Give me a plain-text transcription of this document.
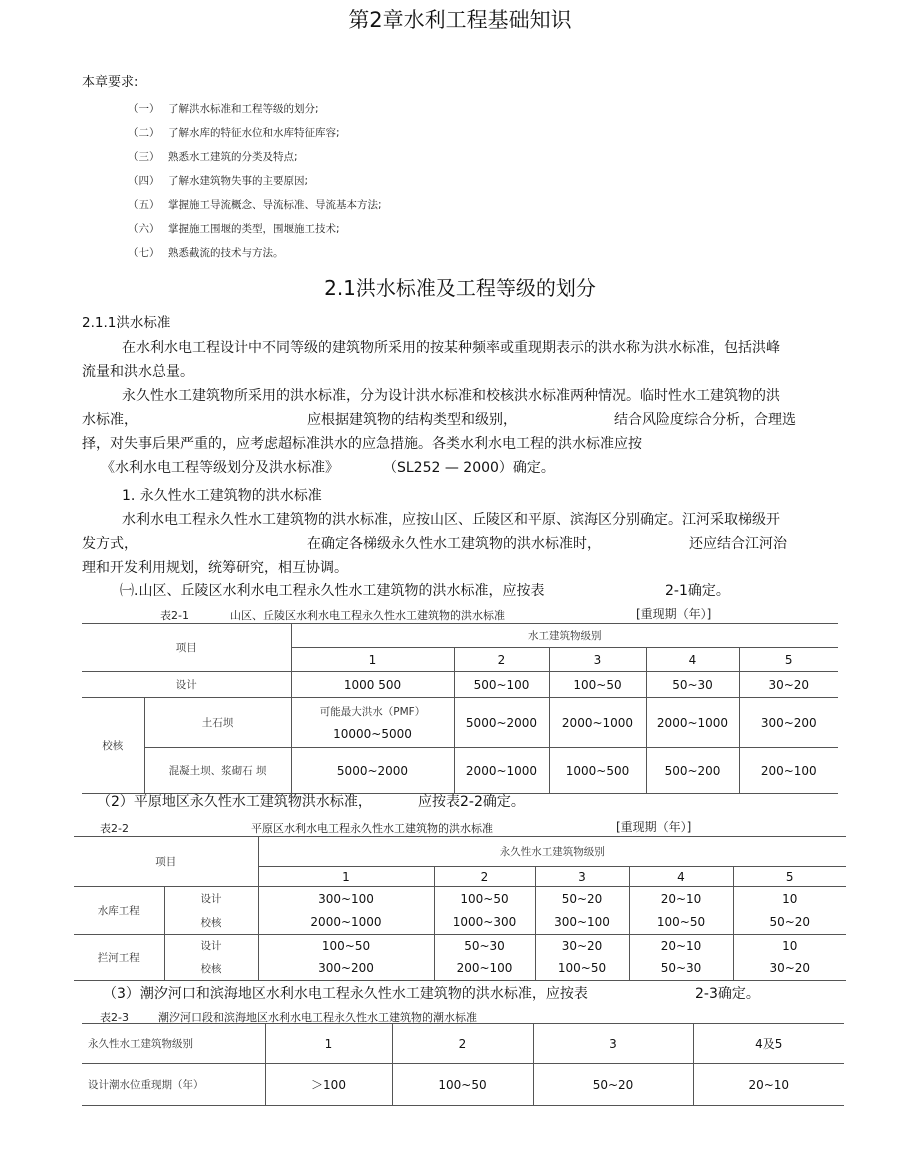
第2章水利工程基础知识
本章要求:
（一） 了解洪水标准和工程等级的划分;
（二） 了解水库的特征水位和水库特征库容;
（三） 熟悉水工建筑的分类及特点;
（四） 了解水建筑物失事的主要原因;
（五） 掌握施工导流概念、导流标准、导流基本方法;
（六） 掌握施工围堰的类型，围堰施工技术;
（七） 熟悉截流的技术与方法。
2.1洪水标准及工程等级的划分
2.1.1洪水标准
在水利水电工程设计中不同等级的建筑物所采用的按某种频率或重现期表示的洪水称为洪水标准，包括洪峰
流量和洪水总量。
永久性水工建筑物所采用的洪水标准，分为设计洪水标准和校核洪水标准两种情况。临时性水工建筑物的洪
水标准，	应根据建筑物的结构类型和级别，	结合风险度综合分析，合理选
择，对失事后果严重的，应考虑超标准洪水的应急措施。各类水利水电工程的洪水标准应按
《水利水电工程等级划分及洪水标准》	（SL252 — 2000）确定。
1. 永久性水工建筑物的洪水标准
水利水电工程永久性水工建筑物的洪水标准，应按山区、丘陵区和平原、滨海区分别确定。江河采取梯级开
发方式，	在确定各梯级永久性水工建筑物的洪水标准时，	还应结合江河治
理和开发利用规划，统筹研究，相互协调。
㈠.山区、丘陵区水利水电工程永久性水工建筑物的洪水标准，应按表	2-1确定。
表2-1	山区、丘陵区水利水电工程永久性水工建筑物的洪水标准	[重现期（年）]
项目		水工建筑物级别				
		1	2	3	4	5
设计		1000 500	500~100	100~50	50~30	30~20
校核	土石坝	可能最大洪水（PMF）
10000~5000	5000~2000	2000~1000	2000~1000	300~200
	混凝土坝、浆砌石 坝	5000~2000	2000~1000	1000~500	500~200	200~100
（2）平原地区永久性水工建筑物洪水标准，	应按表2-2确定。
表2-2	平原区水利水电工程永久性水工建筑物的洪水标准	[重现期（年）]
项目		永久性水工建筑物级别				
		1	2	3	4	5
水库工程	设计	300~100	100~50	50~20	20~10	10
	校核	2000~1000	1000~300	300~100	100~50	50~20
拦河工程	设计	100~50	50~30	30~20	20~10	10
	校核	300~200	200~100	100~50	50~30	30~20
（3）潮汐河口和滨海地区水利水电工程永久性水工建筑物的洪水标准，应按表	2-3确定。
表2-3	潮汐河口段和滨海地区水利水电工程永久性水工建筑物的潮水标准
永久性水工建筑物级别	1	2	3	4及5
设计潮水位重现期（年）	＞100	100~50	50~20	20~10
